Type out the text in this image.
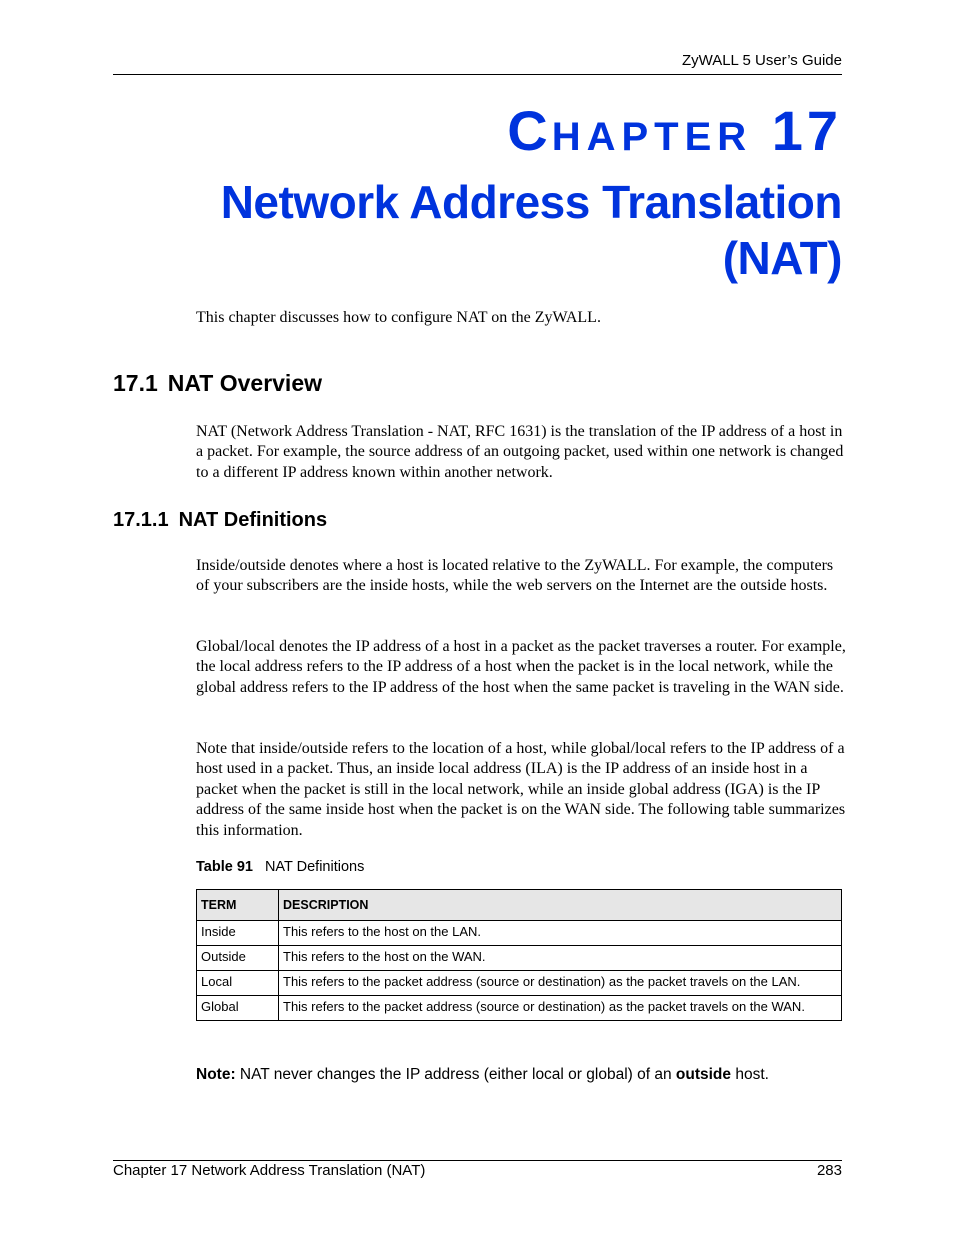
ZyWALL 5 User’s Guide
CHAPTER 17
Network Address Translation
(NAT)

This chapter discusses how to configure NAT on the ZyWALL.

17.1 NAT Overview

NAT (Network Address Translation - NAT, RFC 1631) is the translation of the IP address of a host in a packet. For example, the source address of an outgoing packet, used within one network is changed to a different IP address known within another network.

17.1.1 NAT Definitions

Inside/outside denotes where a host is located relative to the ZyWALL. For example, the computers of your subscribers are the inside hosts, while the web servers on the Internet are the outside hosts.

Global/local denotes the IP address of a host in a packet as the packet traverses a router. For example, the local address refers to the IP address of a host when the packet is in the local network, while the global address refers to the IP address of the host when the same packet is traveling in the WAN side.

Note that inside/outside refers to the location of a host, while global/local refers to the IP address of a host used in a packet. Thus, an inside local address (ILA) is the IP address of an inside host in a packet when the packet is still in the local network, while an inside global address (IGA) is the IP address of the same inside host when the packet is on the WAN side. The following table summarizes this information.

Table 91 NAT Definitions
TERM	DESCRIPTION
Inside	This refers to the host on the LAN.
Outside	This refers to the host on the WAN.
Local	This refers to the packet address (source or destination) as the packet travels on the LAN.
Global	This refers to the packet address (source or destination) as the packet travels on the WAN.
Note: NAT never changes the IP address (either local or global) of an outside host.
Chapter 17 Network Address Translation (NAT)	283
